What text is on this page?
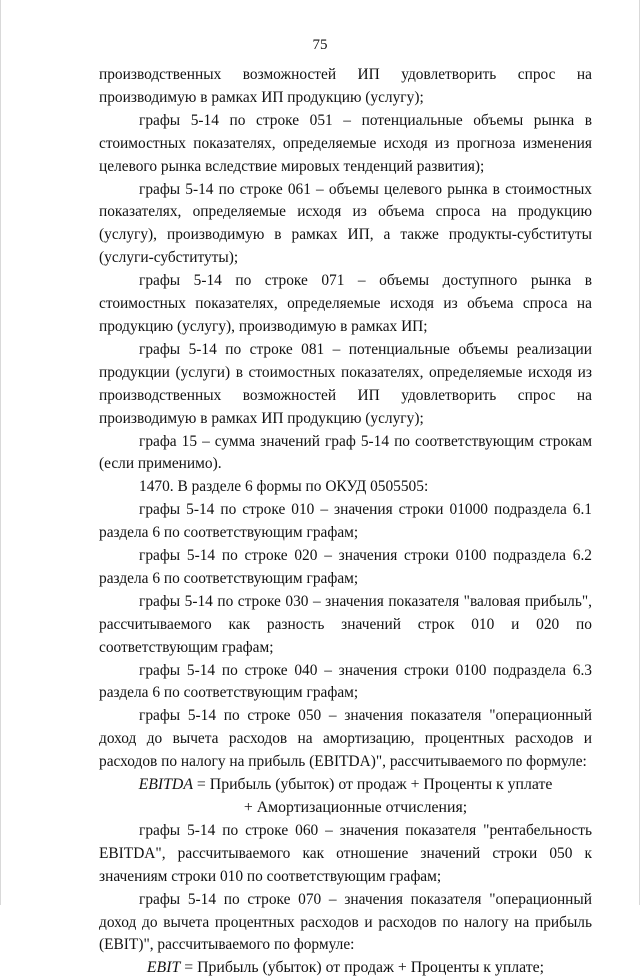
75

производственных возможностей ИП удовлетворить спрос на производимую в рамках ИП продукцию (услугу);

графы 5-14 по строке 051 – потенциальные объемы рынка в стоимостных показателях, определяемые исходя из прогноза изменения целевого рынка вследствие мировых тенденций развития);

графы 5-14 по строке 061 – объемы целевого рынка в стоимостных показателях, определяемые исходя из объема спроса на продукцию (услугу), производимую в рамках ИП, а также продукты-субституты (услуги-субституты);

графы 5-14 по строке 071 – объемы доступного рынка в стоимостных показателях, определяемые исходя из объема спроса на продукцию (услугу), производимую в рамках ИП;

графы 5-14 по строке 081 – потенциальные объемы реализации продукции (услуги) в стоимостных показателях, определяемые исходя из производственных возможностей ИП удовлетворить спрос на производимую в рамках ИП продукцию (услугу);

графа 15 – сумма значений граф 5-14 по соответствующим строкам (если применимо).

1470. В разделе 6 формы по ОКУД 0505505:

графы 5-14 по строке 010 – значения строки 01000 подраздела 6.1 раздела 6 по соответствующим графам;

графы 5-14 по строке 020 – значения строки 0100 подраздела 6.2 раздела 6 по соответствующим графам;

графы 5-14 по строке 030 – значения показателя "валовая прибыль", рассчитываемого как разность значений строк 010 и 020 по соответствующим графам;

графы 5-14 по строке 040 – значения строки 0100 подраздела 6.3 раздела 6 по соответствующим графам;

графы 5-14 по строке 050 – значения показателя "операционный доход до вычета расходов на амортизацию, процентных расходов и расходов по налогу на прибыль (EBITDA)", рассчитываемого по формуле:

EBITDA = Прибыль (убыток) от продаж + Проценты к уплате

+ Амортизационные отчисления;

графы 5-14 по строке 060 – значения показателя "рентабельность EBITDA", рассчитываемого как отношение значений строки 050 к значениям строки 010 по соответствующим графам;

графы 5-14 по строке 070 – значения показателя "операционный доход до вычета процентных расходов и расходов по налогу на прибыль (EBIT)", рассчитываемого по формуле:

EBIT = Прибыль (убыток) от продаж + Проценты к уплате;
